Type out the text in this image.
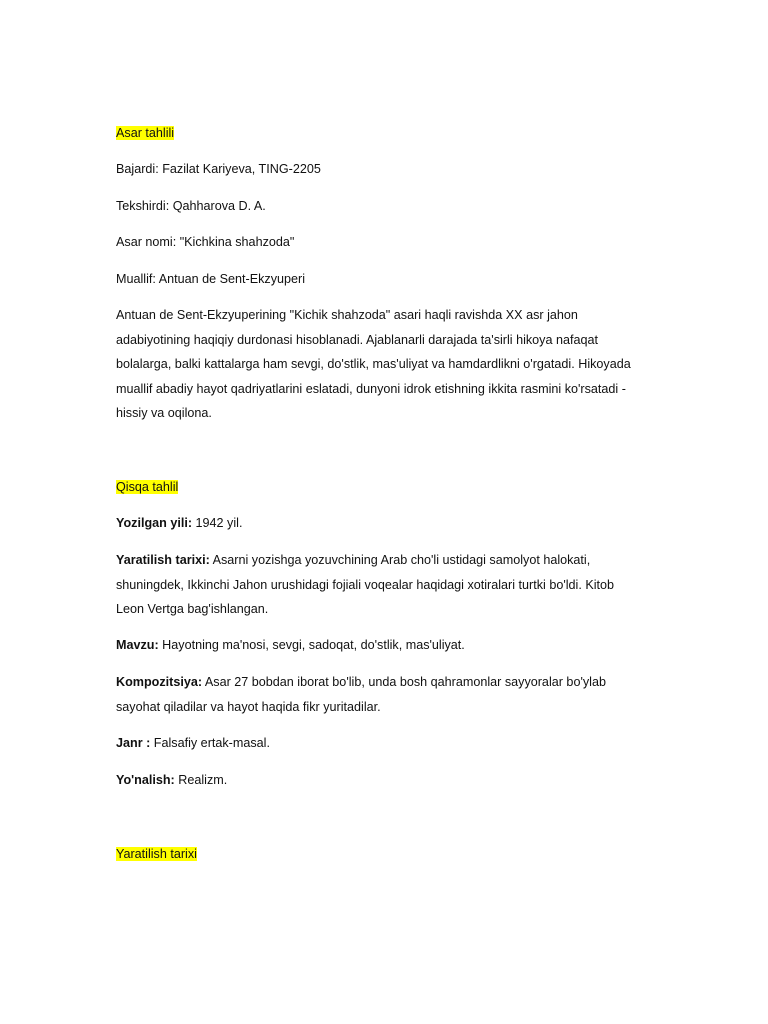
Asar tahlili

Bajardi: Fazilat Kariyeva, TING-2205

Tekshirdi: Qahharova D. A.

Asar nomi: "Kichkina shahzoda"

Muallif: Antuan de Sent-Ekzyuperi

Antuan de Sent-Ekzyuperining "Kichik shahzoda" asari haqli ravishda XX asr jahon
adabiyotining haqiqiy durdonasi hisoblanadi. Ajablanarli darajada ta'sirli hikoya nafaqat
bolalarga, balki kattalarga ham sevgi, do'stlik, mas'uliyat va hamdardlikni o'rgatadi. Hikoyada
muallif abadiy hayot qadriyatlarini eslatadi, dunyoni idrok etishning ikkita rasmini ko'rsatadi -
hissiy va oqilona.

Qisqa tahlil

Yozilgan yili: 1942 yil.

Yaratilish tarixi: Asarni yozishga yozuvchining Arab cho'li ustidagi samolyot halokati,
shuningdek, Ikkinchi Jahon urushidagi fojiali voqealar haqidagi xotiralari turtki bo'ldi. Kitob
Leon Vertga bag'ishlangan.

Mavzu: Hayotning ma'nosi, sevgi, sadoqat, do'stlik, mas'uliyat.

Kompozitsiya: Asar 27 bobdan iborat bo'lib, unda bosh qahramonlar sayyoralar bo'ylab
sayohat qiladilar va hayot haqida fikr yuritadilar.

Janr : Falsafiy ertak-masal.

Yo'nalish: Realizm.

Yaratilish tarixi
